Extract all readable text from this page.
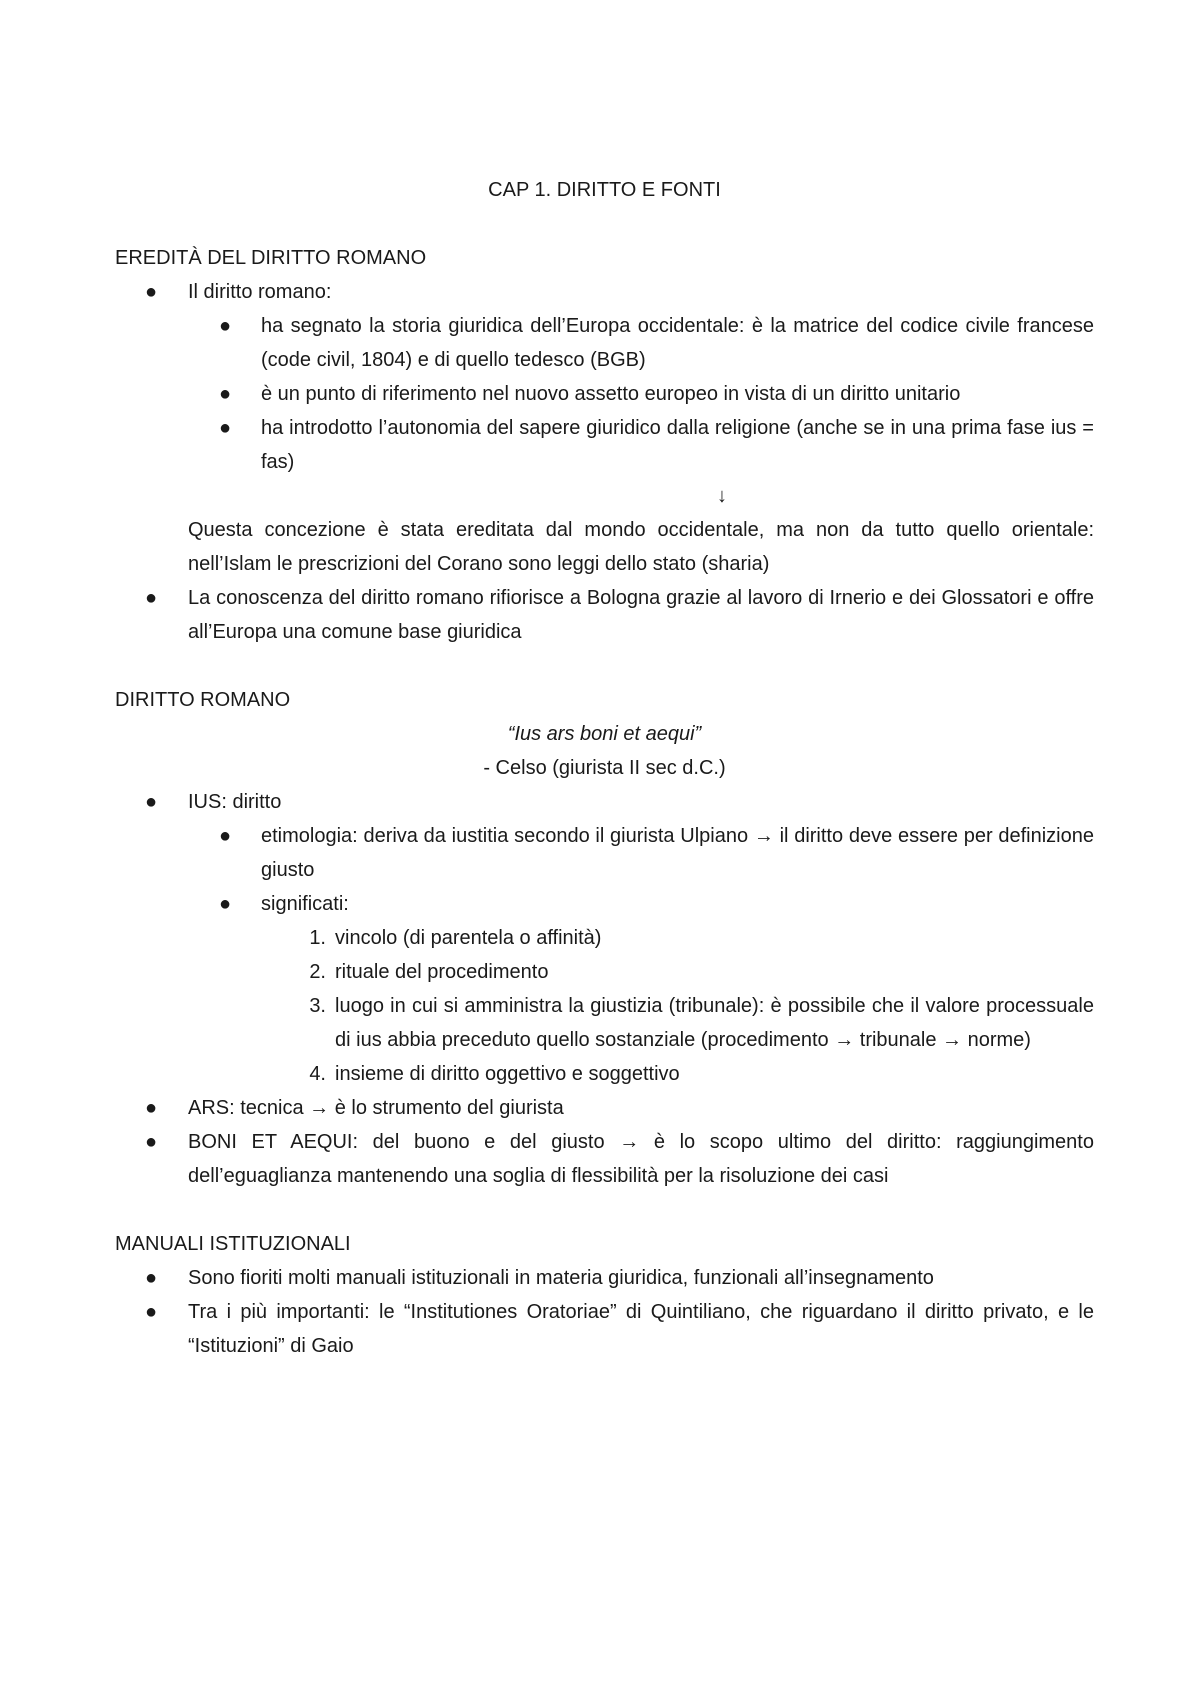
CAP 1. DIRITTO E FONTI

EREDITÀ DEL DIRITTO ROMANO

● Il diritto romano:
● ha segnato la storia giuridica dell’Europa occidentale: è la matrice del codice civile francese (code civil, 1804) e di quello tedesco (BGB)
● è un punto di riferimento nel nuovo assetto europeo in vista di un diritto unitario
● ha introdotto l’autonomia del sapere giuridico dalla religione (anche se in una prima fase ius = fas)

↓

Questa concezione è stata ereditata dal mondo occidentale, ma non da tutto quello orientale: nell’Islam le prescrizioni del Corano sono leggi dello stato (sharia)

● La conoscenza del diritto romano rifiorisce a Bologna grazie al lavoro di Irnerio e dei Glossatori e offre all’Europa una comune base giuridica

DIRITTO ROMANO

“Ius ars boni et aequi”

- Celso (giurista II sec d.C.)

● IUS: diritto
● etimologia: deriva da iustitia secondo il giurista Ulpiano → il diritto deve essere per definizione giusto
● significati:
1. vincolo (di parentela o affinità)
2. rituale del procedimento
3. luogo in cui si amministra la giustizia (tribunale): è possibile che il valore processuale di ius abbia preceduto quello sostanziale (procedimento → tribunale → norme)
4. insieme di diritto oggettivo e soggettivo
● ARS: tecnica → è lo strumento del giurista
● BONI ET AEQUI: del buono e del giusto → è lo scopo ultimo del diritto: raggiungimento dell’eguaglianza mantenendo una soglia di flessibilità per la risoluzione dei casi

MANUALI ISTITUZIONALI

● Sono fioriti molti manuali istituzionali in materia giuridica, funzionali all’insegnamento
● Tra i più importanti: le “Institutiones Oratoriae” di Quintiliano, che riguardano il diritto privato, e le “Istituzioni” di Gaio
